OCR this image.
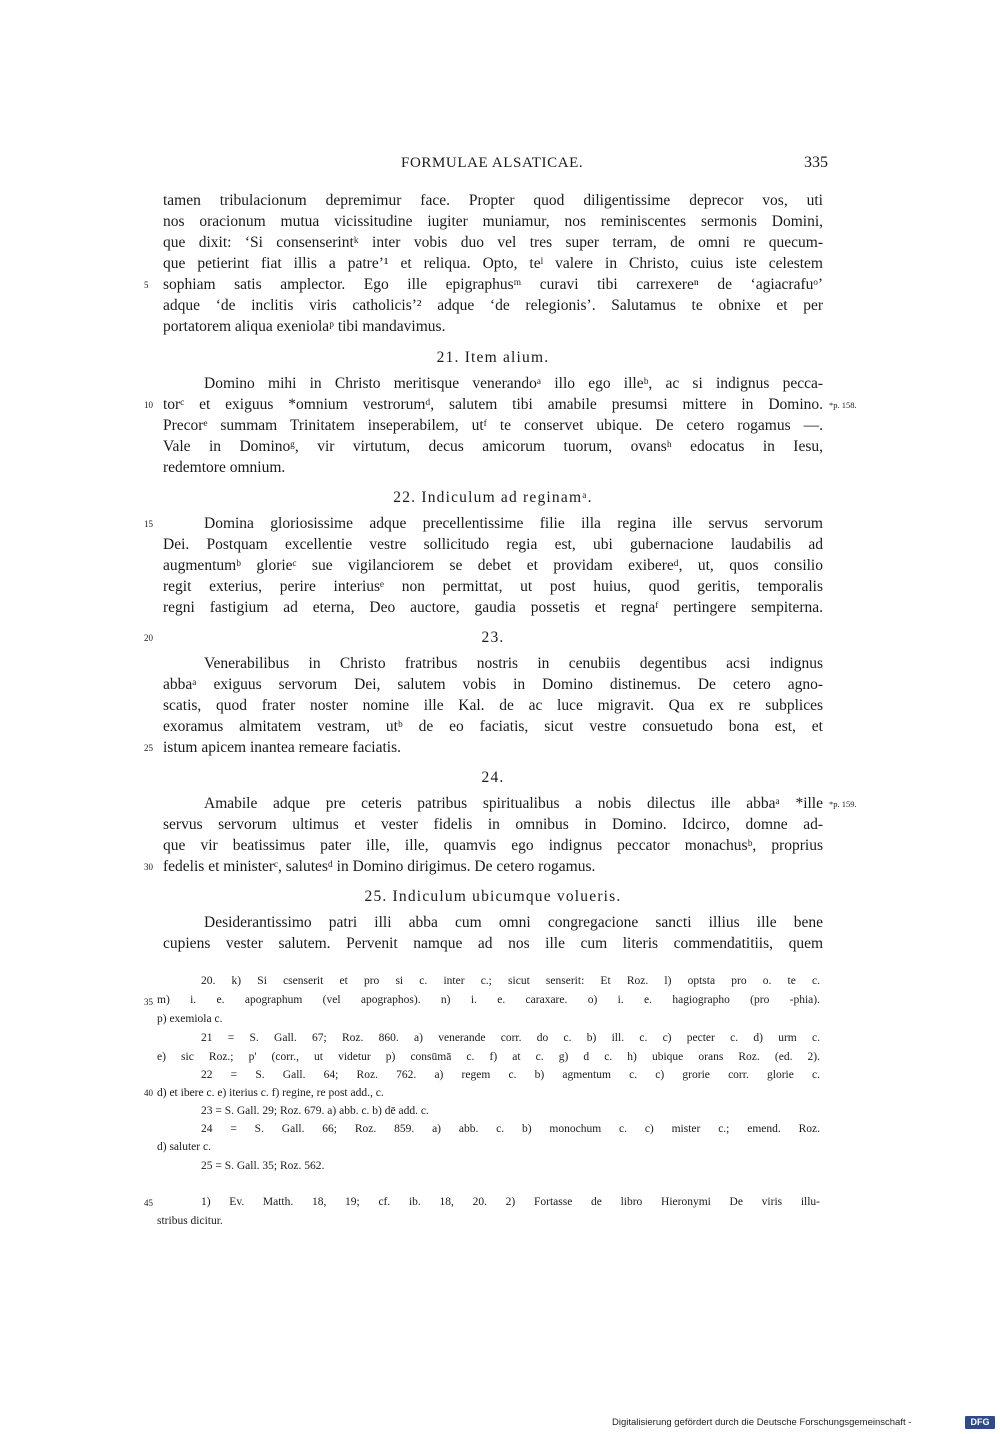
FORMULAE ALSATICAE.	335
tamen tribulacionum depremimur face. Propter quod diligentissime deprecor vos, uti
nos oracionum mutua vicissitudine iugiter muniamur, nos reminiscentes sermonis Domini,
que dixit: ‘Si consenserintᵏ inter vobis duo vel tres super terram, de omni re quecum-
que petierint fiat illis a patre’¹ et reliqua. Opto, teˡ valere in Christo, cuius iste celestem
sophiam satis amplector. Ego ille epigraphusᵐ curavi tibi carrexereⁿ de ‘agiacrafuᵒ’
adque ‘de inclitis viris catholicis’² adque ‘de relegionis’. Salutamus te obnixe et per
portatorem aliqua exeniolaᵖ tibi mandavimus.
21. Item alium.
Domino mihi in Christo meritisque venerandoᵃ illo ego illeᵇ, ac si indignus pecca-
torᶜ et exiguus *omnium vestrorumᵈ, salutem tibi amabile presumsi mittere in Domino.
Precorᵉ summam Trinitatem inseperabilem, utᶠ te conservet ubique. De cetero rogamus —.
Vale in Dominoᵍ, vir virtutum, decus amicorum tuorum, ovansʰ edocatus in Iesu,
redemtore omnium.
22. Indiculum ad reginamᵃ.
Domina gloriosissime adque precellentissime filie illa regina ille servus servorum
Dei. Postquam excellentie vestre sollicitudo regia est, ubi gubernacione laudabilis ad
augmentumᵇ glorieᶜ sue vigilanciorem se debet et providam exibereᵈ, ut, quos consilio
regit exterius, perire interiusᵉ non permittat, ut post huius, quod geritis, temporalis
regni fastigium ad eterna, Deo auctore, gaudia possetis et regnaᶠ pertingere sempiterna.
23.
Venerabilibus in Christo fratribus nostris in cenubiis degentibus acsi indignus
abbaᵃ exiguus servorum Dei, salutem vobis in Domino distinemus. De cetero agno-
scatis, quod frater noster nomine ille Kal. de ac luce migravit. Qua ex re subplices
exoramus almitatem vestram, utᵇ de eo faciatis, sicut vestre consuetudo bona est, et
istum apicem inantea remeare faciatis.
24.
Amabile adque pre ceteris patribus spiritualibus a nobis dilectus ille abbaᵃ *ille
servus servorum ultimus et vester fidelis in omnibus in Domino. Idcirco, domne ad-
que vir beatissimus pater ille, ille, quamvis ego indignus peccator monachusᵇ, proprius
fedelis et ministerᶜ, salutesᵈ in Domino dirigimus. De cetero rogamus.
25. Indiculum ubicumque volueris.
Desiderantissimo patri illi abba cum omni congregacione sancti illius ille bene
cupiens vester salutem. Pervenit namque ad nos ille cum literis commendatitiis, quem
5
10
15
20
25
30
35
40
45
*p. 158.
*p. 159.
20. k) Si csenserit et pro si c. inter c.; sicut senserit: Et Roz. l) optsta pro o. te c.
m) i. e. apographum (vel apographos). n) i. e. caraxare. o) i. e. hagiographo (pro -phia).
p) exemiola c.
21 = S. Gall. 67; Roz. 860. a) venerande corr. do c. b) ill. c. c) pecter c. d) urm c.
e) sic Roz.; p' (corr., ut videtur p) consūmā c. f) at c. g) d c. h) ubique orans Roz. (ed. 2).
22 = S. Gall. 64; Roz. 762. a) regem c. b) agmentum c. c) grorie corr. glorie c.
d) et ibere c. e) iterius c. f) regine, re post add., c.
23 = S. Gall. 29; Roz. 679. a) abb. c. b) dē add. c.
24 = S. Gall. 66; Roz. 859. a) abb. c. b) monochum c. c) mister c.; emend. Roz.
d) saluter c.
25 = S. Gall. 35; Roz. 562.
1) Ev. Matth. 18, 19; cf. ib. 18, 20. 2) Fortasse de libro Hieronymi De viris illu-
stribus dicitur.
Digitalisierung gefördert durch die Deutsche Forschungsgemeinschaft -	DFG
